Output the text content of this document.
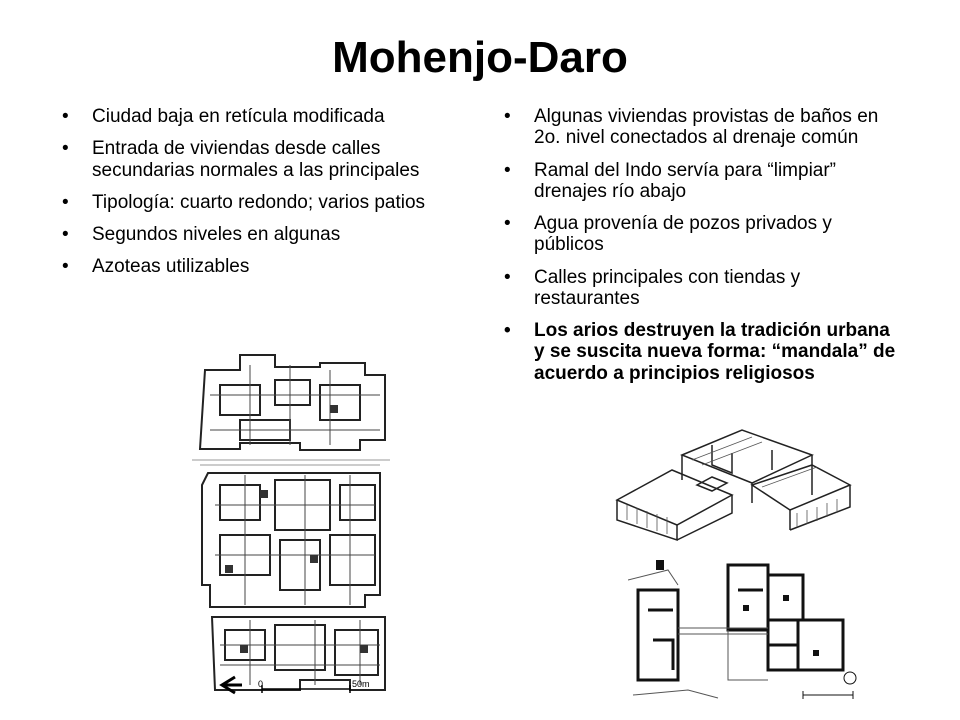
Mohenjo-Daro
• Ciudad baja en retícula modificada
• Entrada de viviendas desde calles secundarias normales a las principales
• Tipología: cuarto redondo; varios patios
• Segundos niveles en algunas
• Azoteas utilizables
• Algunas viviendas provistas de baños en 2o. nivel conectados al drenaje común
• Ramal del Indo servía para “limpiar” drenajes río abajo
• Agua provenía de pozos privados y públicos
• Calles principales con tiendas y restaurantes
• Los arios destruyen la tradición urbana y se suscita nueva forma: “mandala” de acuerdo a principios religiosos
0	50m
